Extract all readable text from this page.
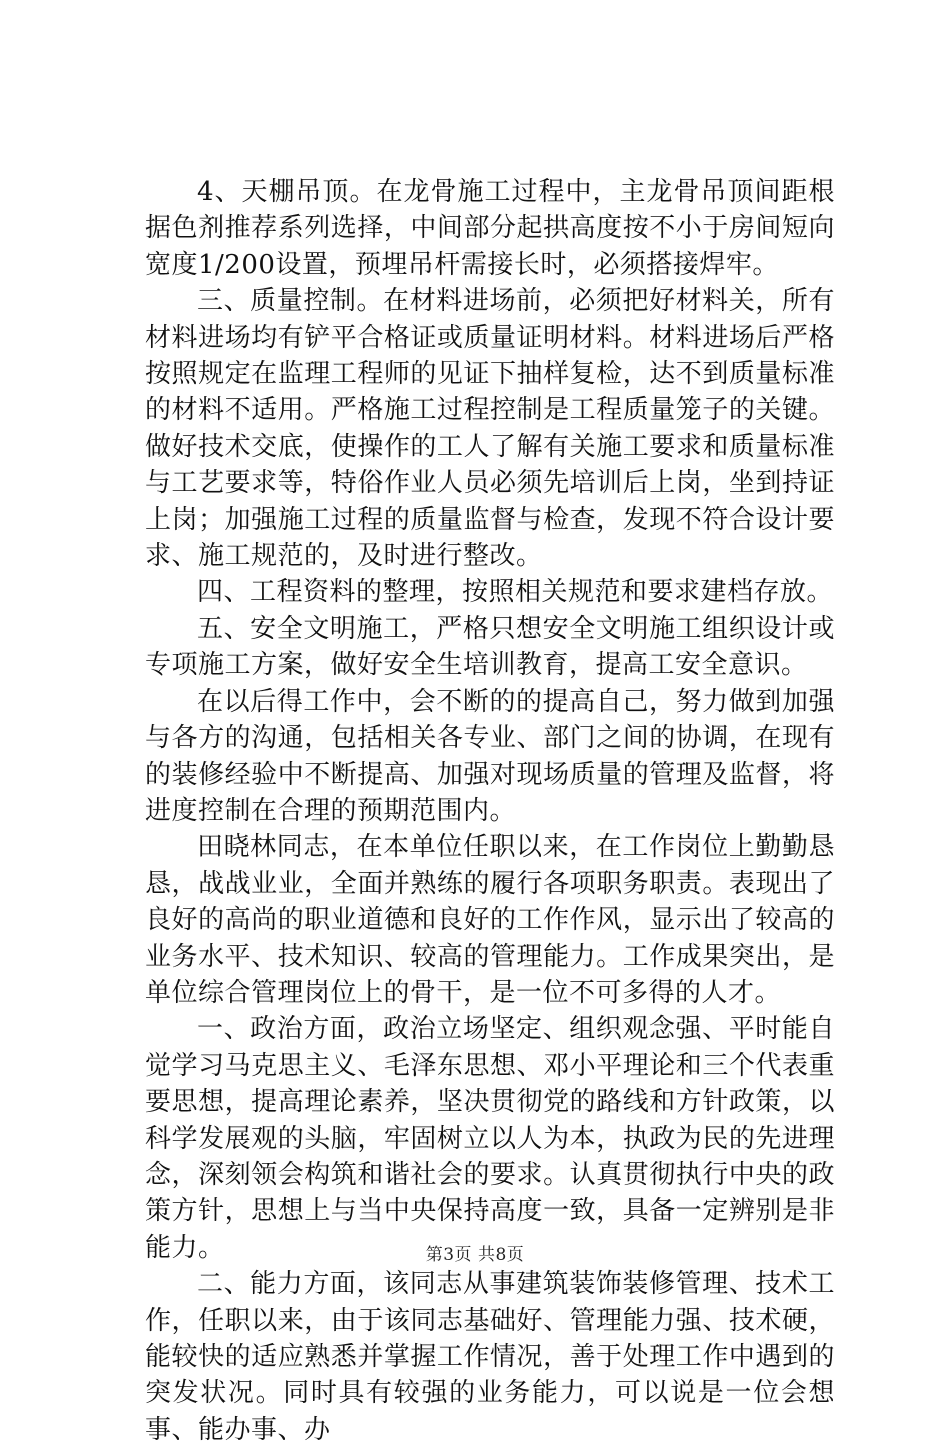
4、天棚吊顶。在龙骨施工过程中，主龙骨吊顶间距根据色剂推荐系列选择，中间部分起拱高度按不小于房间短向宽度1/200设置，预埋吊杆需接长时，必须搭接焊牢。

三、质量控制。在材料进场前，必须把好材料关，所有材料进场均有铲平合格证或质量证明材料。材料进场后严格按照规定在监理工程师的见证下抽样复检，达不到质量标准的材料不适用。严格施工过程控制是工程质量笼子的关键。做好技术交底，使操作的工人了解有关施工要求和质量标准与工艺要求等，特俗作业人员必须先培训后上岗，坐到持证上岗；加强施工过程的质量监督与检查，发现不符合设计要求、施工规范的，及时进行整改。

四、工程资料的整理，按照相关规范和要求建档存放。

五、安全文明施工，严格只想安全文明施工组织设计或专项施工方案，做好安全生培训教育，提高工安全意识。

在以后得工作中，会不断的的提高自己，努力做到加强与各方的沟通，包括相关各专业、部门之间的协调，在现有的装修经验中不断提高、加强对现场质量的管理及监督，将进度控制在合理的预期范围内。

田晓林同志，在本单位任职以来，在工作岗位上勤勤恳恳，战战业业，全面并熟练的履行各项职务职责。表现出了良好的高尚的职业道德和良好的工作作风，显示出了较高的业务水平、技术知识、较高的管理能力。工作成果突出，是单位综合管理岗位上的骨干，是一位不可多得的人才。

一、政治方面，政治立场坚定、组织观念强、平时能自觉学习马克思主义、毛泽东思想、邓小平理论和三个代表重要思想，提高理论素养，坚决贯彻党的路线和方针政策，以科学发展观的头脑，牢固树立以人为本，执政为民的先进理念，深刻领会构筑和谐社会的要求。认真贯彻执行中央的政策方针，思想上与当中央保持高度一致，具备一定辨别是非能力。

二、能力方面，该同志从事建筑装饰装修管理、技术工作，任职以来，由于该同志基础好、管理能力强、技术硬，能较快的适应熟悉并掌握工作情况，善于处理工作中遇到的突发状况。同时具有较强的业务能力，可以说是一位会想事、能办事、办

第3页 共8页
